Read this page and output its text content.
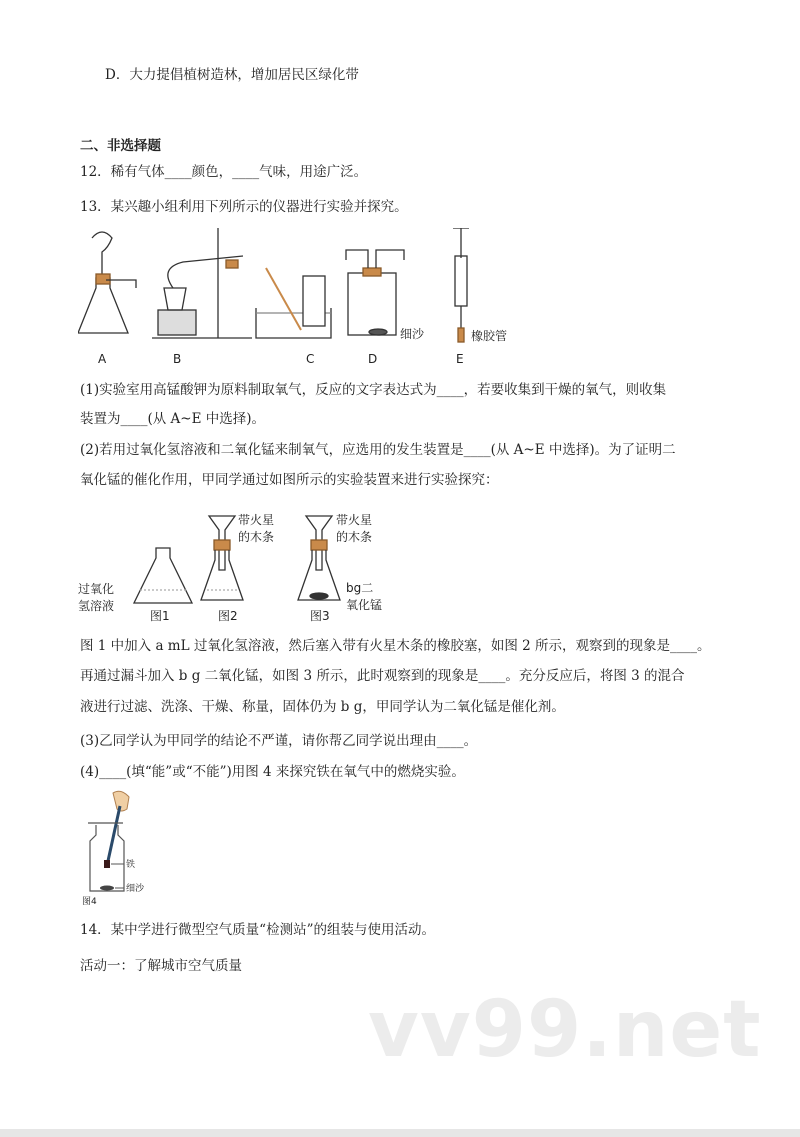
D．大力提倡植树造林，增加居民区绿化带
二、非选择题
12．稀有气体____颜色，____气味，用途广泛。
13．某兴趣小组利用下列所示的仪器进行实验并探究。
A	B	C	D	E
细沙	橡胶管
(1)实验室用高锰酸钾为原料制取氧气，反应的文字表达式为____，若要收集到干燥的氧气，则收集
装置为____(从 A~E 中选择)。
(2)若用过氧化氢溶液和二氧化锰来制氧气，应选用的发生装置是____(从 A~E 中选择)。为了证明二
氧化锰的催化作用，甲同学通过如图所示的实验装置来进行实验探究：
过氧化
氢溶液
图1	图2	图3
带火星
的木条
带火星
的木条
bg二
氧化锰
图 1 中加入 a mL 过氧化氢溶液，然后塞入带有火星木条的橡胶塞，如图 2 所示，观察到的现象是____。
再通过漏斗加入 b g 二氧化锰，如图 3 所示，此时观察到的现象是____。充分反应后，将图 3 的混合
液进行过滤、洗涤、干燥、称量，固体仍为 b g，甲同学认为二氧化锰是催化剂。
(3)乙同学认为甲同学的结论不严谨，请你帮乙同学说出理由____。
(4)____(填“能”或“不能”)用图 4 来探究铁在氧气中的燃烧实验。
铁
细沙
图4
14．某中学进行微型空气质量“检测站”的组装与使用活动。
活动一：了解城市空气质量
vv99.net
